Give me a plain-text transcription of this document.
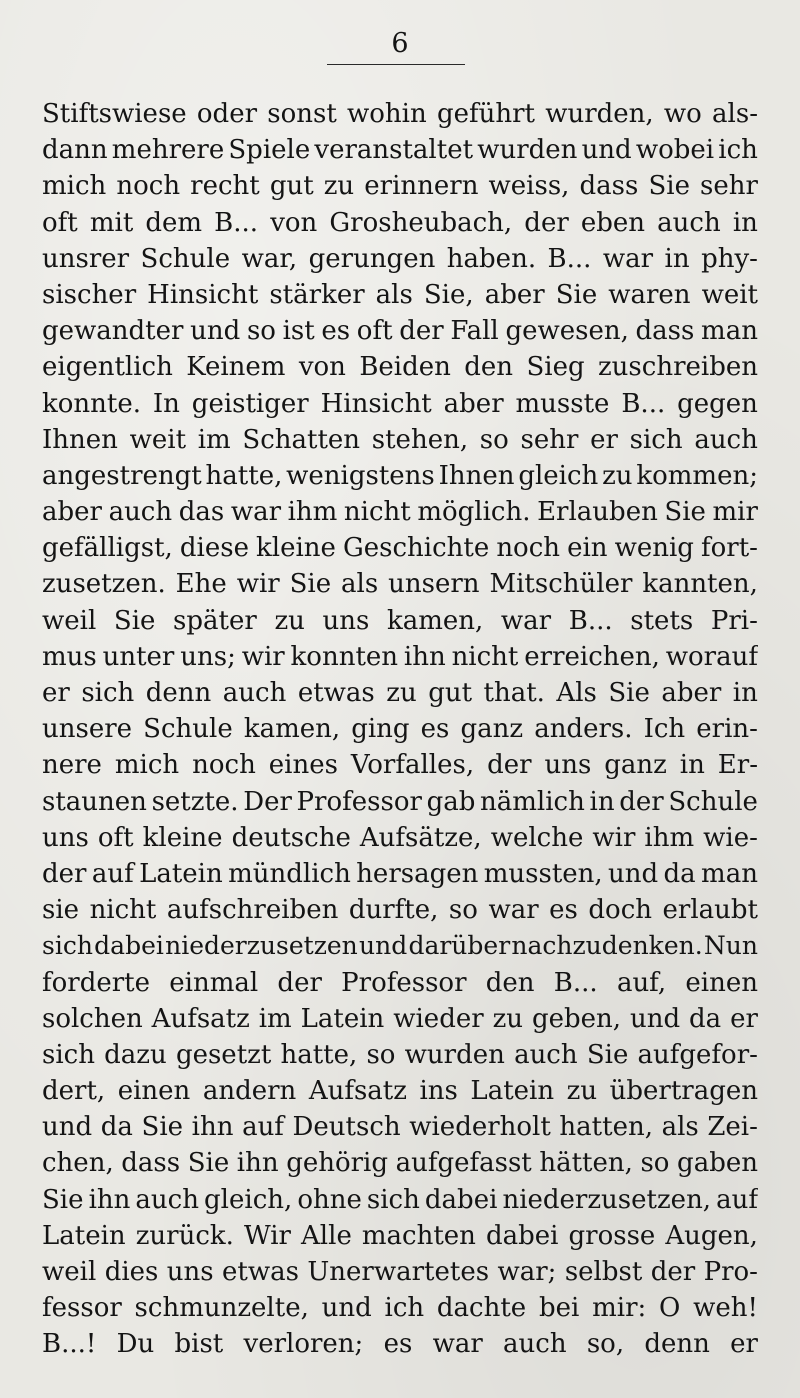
6
Stiftswiese oder sonst wohin geführt wurden, wo als-
dann mehrere Spiele veranstaltet wurden und wobei ich
mich noch recht gut zu erinnern weiss, dass Sie sehr
oft mit dem B... von Grosheubach, der eben auch in
unsrer Schule war, gerungen haben. B... war in phy-
sischer Hinsicht stärker als Sie, aber Sie waren weit
gewandter und so ist es oft der Fall gewesen, dass man
eigentlich Keinem von Beiden den Sieg zuschreiben
konnte. In geistiger Hinsicht aber musste B... gegen
Ihnen weit im Schatten stehen, so sehr er sich auch
angestrengt hatte, wenigstens Ihnen gleich zu kommen;
aber auch das war ihm nicht möglich. Erlauben Sie mir
gefälligst, diese kleine Geschichte noch ein wenig fort-
zusetzen. Ehe wir Sie als unsern Mitschüler kannten,
weil Sie später zu uns kamen, war B... stets Pri-
mus unter uns; wir konnten ihn nicht erreichen, worauf
er sich denn auch etwas zu gut that. Als Sie aber in
unsere Schule kamen, ging es ganz anders. Ich erin-
nere mich noch eines Vorfalles, der uns ganz in Er-
staunen setzte. Der Professor gab nämlich in der Schule
uns oft kleine deutsche Aufsätze, welche wir ihm wie-
der auf Latein mündlich hersagen mussten, und da man
sie nicht aufschreiben durfte, so war es doch erlaubt
sich dabei niederzusetzen und darüber nachzudenken. Nun
forderte einmal der Professor den B... auf, einen
solchen Aufsatz im Latein wieder zu geben, und da er
sich dazu gesetzt hatte, so wurden auch Sie aufgefor-
dert, einen andern Aufsatz ins Latein zu übertragen
und da Sie ihn auf Deutsch wiederholt hatten, als Zei-
chen, dass Sie ihn gehörig aufgefasst hätten, so gaben
Sie ihn auch gleich, ohne sich dabei niederzusetzen, auf
Latein zurück. Wir Alle machten dabei grosse Augen,
weil dies uns etwas Unerwartetes war; selbst der Pro-
fessor schmunzelte, und ich dachte bei mir: O weh!
B...! Du bist verloren; es war auch so, denn er
